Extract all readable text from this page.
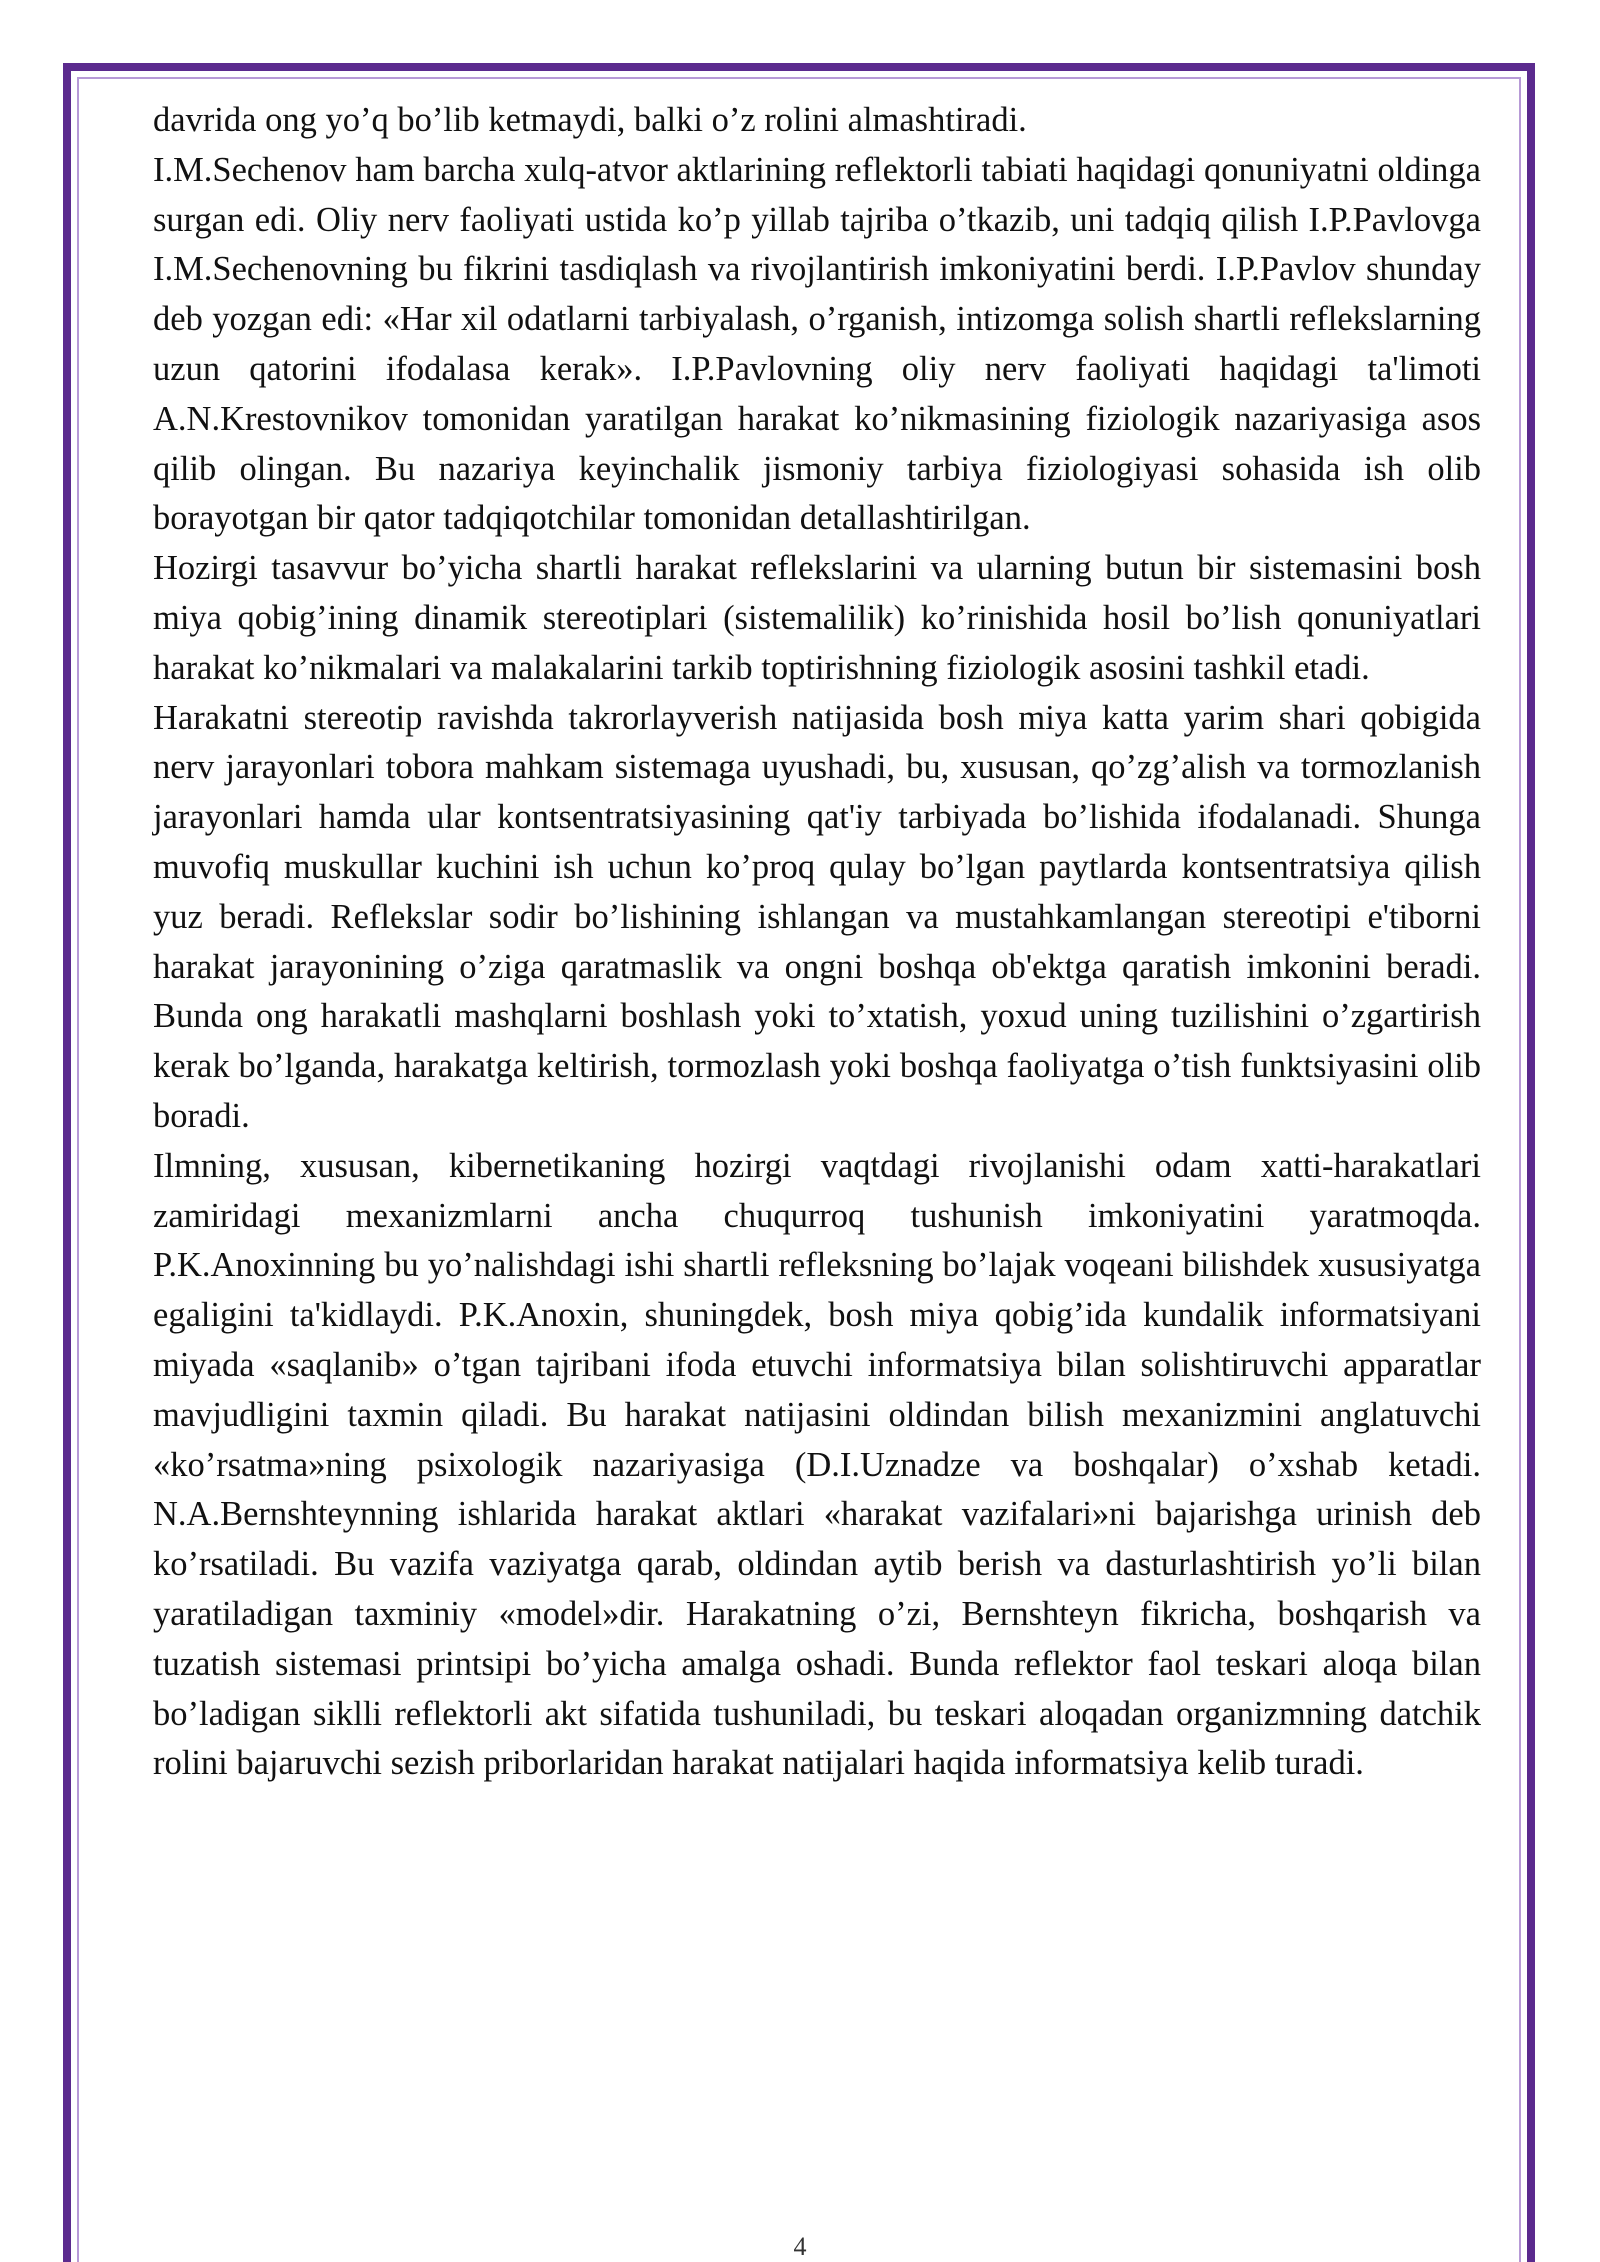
davrida ong yo’q bo’lib ketmaydi, balki o’z rolini almashtiradi.

I.M.Sechenov ham barcha xulq-atvor aktlarining reflektorli tabiati haqidagi qonuniyatni oldinga surgan edi. Oliy nerv faoliyati ustida ko’p yillab tajriba o’tkazib, uni tadqiq qilish I.P.Pavlovga I.M.Sechenovning bu fikrini tasdiqlash va rivojlantirish imkoniyatini berdi. I.P.Pavlov shunday deb yozgan edi: «Har xil odatlarni tarbiyalash, o’rganish, intizomga solish shartli reflekslarning uzun qatorini ifodalasa kerak». I.P.Pavlovning oliy nerv faoliyati haqidagi ta'limoti A.N.Krestovnikov tomonidan yaratilgan harakat ko’nikmasining fiziologik nazariyasiga asos qilib olingan. Bu nazariya keyinchalik jismoniy tarbiya fiziologiyasi sohasida ish olib borayotgan bir qator tadqiqotchilar tomonidan detallashtirilgan.

Hozirgi tasavvur bo’yicha shartli harakat reflekslarini va ularning butun bir sistemasini bosh miya qobig’ining dinamik stereotiplari (sistemalilik) ko’rinishida hosil bo’lish qonuniyatlari harakat ko’nikmalari va malakalarini tarkib toptirishning fiziologik asosini tashkil etadi.

Harakatni stereotip ravishda takrorlayverish natijasida bosh miya katta yarim shari qobigida nerv jarayonlari tobora mahkam sistemaga uyushadi, bu, xususan, qo’zg’alish va tormozlanish jarayonlari hamda ular kontsentratsiyasining qat'iy tarbiyada bo’lishida ifodalanadi. Shunga muvofiq muskullar kuchini ish uchun ko’proq qulay bo’lgan paytlarda kontsentratsiya qilish yuz beradi. Reflekslar sodir bo’lishining ishlangan va mustahkamlangan stereotipi e'tiborni harakat jarayonining o’ziga qaratmaslik va ongni boshqa ob'ektga qaratish imkonini beradi. Bunda ong harakatli mashqlarni boshlash yoki to’xtatish, yoxud uning tuzilishini o’zgartirish kerak bo’lganda, harakatga keltirish, tormozlash yoki boshqa faoliyatga o’tish funktsiyasini olib boradi.

Ilmning, xususan, kibernetikaning hozirgi vaqtdagi rivojlanishi odam xatti-harakatlari zamiridagi mexanizmlarni ancha chuqurroq tushunish imkoniyatini yaratmoqda. P.K.Anoxinning bu yo’nalishdagi ishi shartli refleksning bo’lajak voqeani bilishdek xususiyatga egaligini ta'kidlaydi. P.K.Anoxin, shuningdek, bosh miya qobig’ida kundalik informatsiyani miyada «saqlanib» o’tgan tajribani ifoda etuvchi informatsiya bilan solishtiruvchi apparatlar mavjudligini taxmin qiladi. Bu harakat natijasini oldindan bilish mexanizmini anglatuvchi «ko’rsatma»ning psixologik nazariyasiga (D.I.Uznadze va boshqalar) o’xshab ketadi. N.A.Bernshteynning ishlarida harakat aktlari «harakat vazifalari»ni bajarishga urinish deb ko’rsatiladi. Bu vazifa vaziyatga qarab, oldindan aytib berish va dasturlashtirish yo’li bilan yaratiladigan taxminiy «model»dir. Harakatning o’zi, Bernshteyn fikricha, boshqarish va tuzatish sistemasi printsipi bo’yicha amalga oshadi. Bunda reflektor faol teskari aloqa bilan bo’ladigan siklli reflektorli akt sifatida tushuniladi, bu teskari aloqadan organizmning datchik rolini bajaruvchi sezish priborlaridan harakat natijalari haqida informatsiya kelib turadi.

4
